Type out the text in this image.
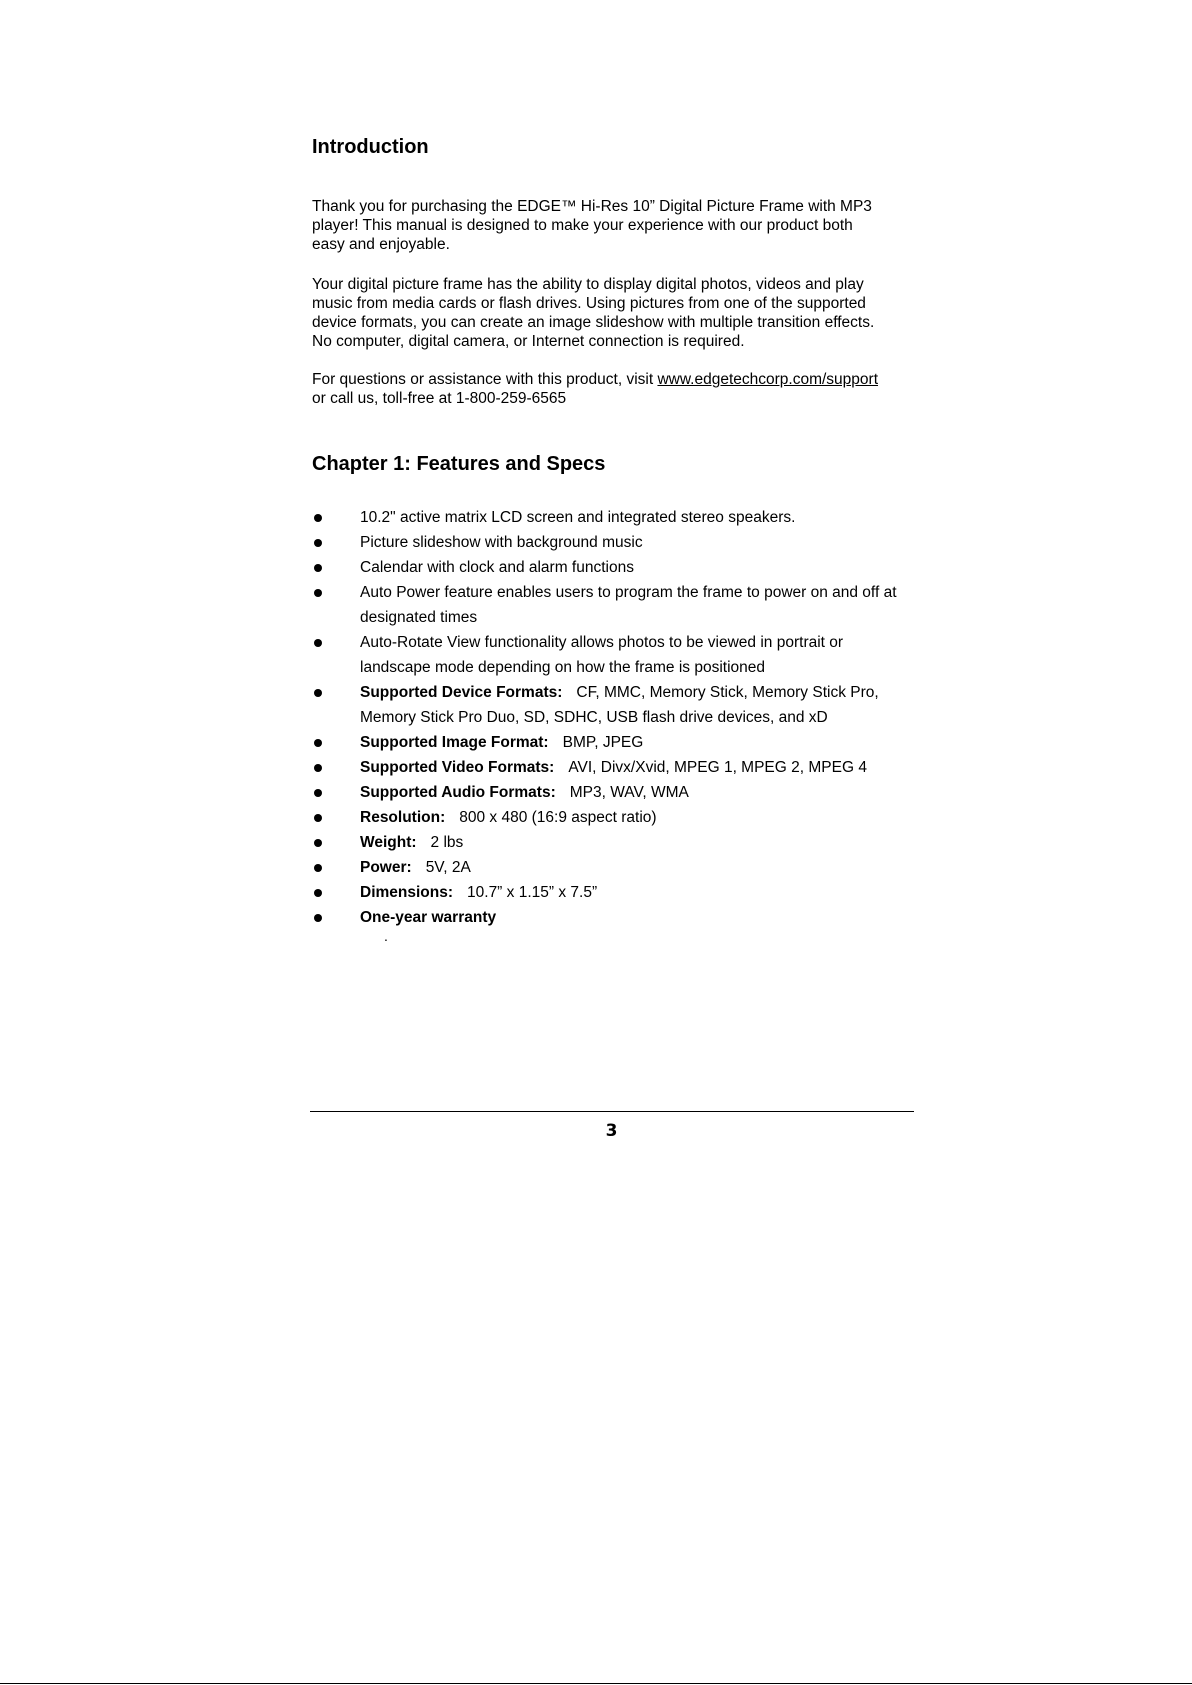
Introduction

Thank you for purchasing the EDGE™ Hi-Res 10” Digital Picture Frame with MP3
player! This manual is designed to make your experience with our product both
easy and enjoyable.

Your digital picture frame has the ability to display digital photos, videos and play
music from media cards or flash drives. Using pictures from one of the supported
device formats, you can create an image slideshow with multiple transition effects.
No computer, digital camera, or Internet connection is required.

For questions or assistance with this product, visit www.edgetechcorp.com/support
or call us, toll-free at 1-800-259-6565

Chapter 1: Features and Specs
10.2" active matrix LCD screen and integrated stereo speakers.
Picture slideshow with background music
Calendar with clock and alarm functions
Auto Power feature enables users to program the frame to power on and off at
designated times
Auto-Rotate View functionality allows photos to be viewed in portrait or
landscape mode depending on how the frame is positioned
Supported Device Formats: CF, MMC, Memory Stick, Memory Stick Pro,
Memory Stick Pro Duo, SD, SDHC, USB flash drive devices, and xD
Supported Image Format: BMP, JPEG
Supported Video Formats: AVI, Divx/Xvid, MPEG 1, MPEG 2, MPEG 4
Supported Audio Formats: MP3, WAV, WMA
Resolution: 800 x 480 (16:9 aspect ratio)
Weight: 2 lbs
Power: 5V, 2A
Dimensions: 10.7” x 1.15” x 7.5”
One-year warranty
.
3
